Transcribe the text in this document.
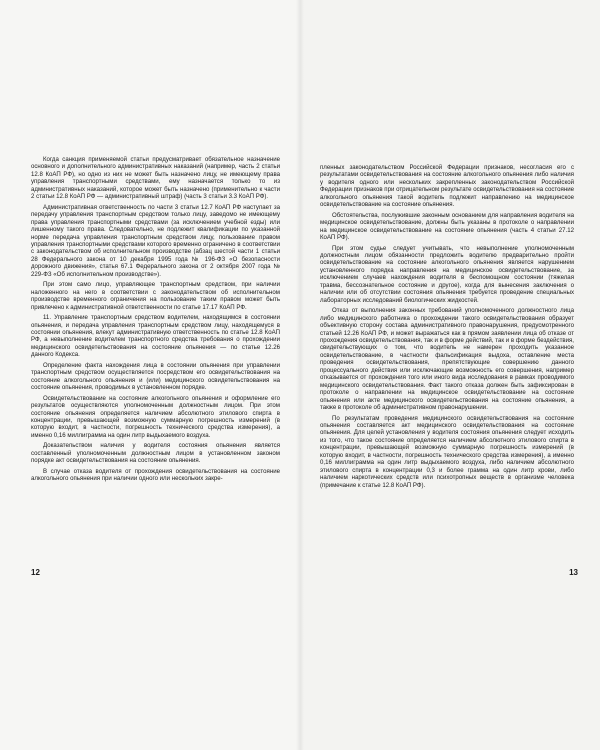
Когда санкция применяемой статьи предусматривает обязательное назначение основного и дополнительного административных наказаний (например, часть 2 статьи 12.8 КоАП РФ), но одно из них не может быть назначено лицу, не имеющему права управления транспортными средствами, ему назначается только то из административных наказаний, которое может быть назначено (применительно к части 2 статьи 12.8 КоАП РФ — административный штраф) (часть 3 статьи 3.3 КоАП РФ).

Административная ответственность по части 3 статьи 12.7 КоАП РФ наступает за передачу управления транспортным средством только лицу, заведомо не имеющему права управления транспортными средствами (за исключением учебной езды) или лишенному такого права. Следовательно, не подлежит квалификации по указанной норме передача управления транспортным средством лицу, пользование правом управления транспортными средствами которого временно ограничено в соответствии с законодательством об исполнительном производстве (абзац шестой части 1 статьи 28 Федерального закона от 10 декабря 1995 года № 196-ФЗ «О безопасности дорожного движения», статья 67.1 Федерального закона от 2 октября 2007 года № 229-ФЗ «Об исполнительном производстве»).

При этом само лицо, управляющее транспортным средством, при наличии наложенного на него в соответствии с законодательством об исполнительном производстве временного ограничения на пользование таким правом может быть привлечено к административной ответственности по статье 17.17 КоАП РФ.

11. Управление транспортным средством водителем, находящимся в состоянии опьянения, и передача управления транспортным средством лицу, находящемуся в состоянии опьянения, влекут административную ответственность по статье 12.8 КоАП РФ, а невыполнение водителем транспортного средства требования о прохождении медицинского освидетельствования на состояние опьянения — по статье 12.26 данного Кодекса.

Определение факта нахождения лица в состоянии опьянения при управлении транспортным средством осуществляется посредством его освидетельствования на состояние алкогольного опьянения и (или) медицинского освидетельствования на состояние опьянения, проводимых в установленном порядке.

Освидетельствование на состояние алкогольного опьянения и оформление его результатов осуществляются уполномоченным должностным лицом. При этом состояние опьянения определяется наличием абсолютного этилового спирта в концентрации, превышающей возможную суммарную погрешность измерений (в которую входит, в частности, погрешность технического средства измерения), а именно 0,16 миллиграмма на один литр выдыхаемого воздуха.

Доказательством наличия у водителя состояния опьянения является составленный уполномоченным должностным лицом в установленном законом порядке акт освидетельствования на состояние опьянения.

В случае отказа водителя от прохождения освидетельствования на состояние алкогольного опьянения при наличии одного или нескольких закре-

12

пленных законодательством Российской Федерации признаков, несогласия его с результатами освидетельствования на состояние алкогольного опьянения либо наличия у водителя одного или нескольких закрепленных законодательством Российской Федерации признаков при отрицательном результате освидетельствования на состояние алкогольного опьянения такой водитель подлежит направлению на медицинское освидетельствование на состояние опьянения.

Обстоятельства, послужившие законным основанием для направления водителя на медицинское освидетельствование, должны быть указаны в протоколе о направлении на медицинское освидетельствование на состояние опьянения (часть 4 статьи 27.12 КоАП РФ).

При этом судье следует учитывать, что невыполнение уполномоченным должностным лицом обязанности предложить водителю предварительно пройти освидетельствование на состояние алкогольного опьянения является нарушением установленного порядка направления на медицинское освидетельствование, за исключением случаев нахождения водителя в беспомощном состоянии (тяжелая травма, бессознательное состояние и другое), когда для вынесения заключения о наличии или об отсутствии состояния опьянения требуется проведение специальных лабораторных исследований биологических жидкостей.

Отказ от выполнения законных требований уполномоченного должностного лица либо медицинского работника о прохождении такого освидетельствования образует объективную сторону состава административного правонарушения, предусмотренного статьей 12.26 КоАП РФ, и может выражаться как в прямом заявлении лица об отказе от прохождения освидетельствования, так и в форме действий, так и в форме бездействия, свидетельствующих о том, что водитель не намерен проходить указанное освидетельствование, в частности фальсификация выдоха, оставление места проведения освидетельствования, препятствующие совершению данного процессуального действия или исключающие возможность его совершения, например отказывается от прохождения того или иного вида исследования в рамках проводимого медицинского освидетельствования. Факт такого отказа должен быть зафиксирован в протоколе о направлении на медицинское освидетельствование на состояние опьянения или акте медицинского освидетельствования на состояние опьянения, а также в протоколе об административном правонарушении.

По результатам проведения медицинского освидетельствования на состояние опьянения составляется акт медицинского освидетельствования на состояние опьянения. Для целей установления у водителя состояния опьянения следует исходить из того, что такое состояние определяется наличием абсолютного этилового спирта в концентрации, превышающей возможную суммарную погрешность измерений (в которую входит, в частности, погрешность технического средства измерения), а именно 0,16 миллиграмма на один литр выдыхаемого воздуха, либо наличием абсолютного этилового спирта в концентрации 0,3 и более грамма на один литр крови, либо наличием наркотических средств или психотропных веществ в организме человека (примечание к статье 12.8 КоАП РФ).

13
